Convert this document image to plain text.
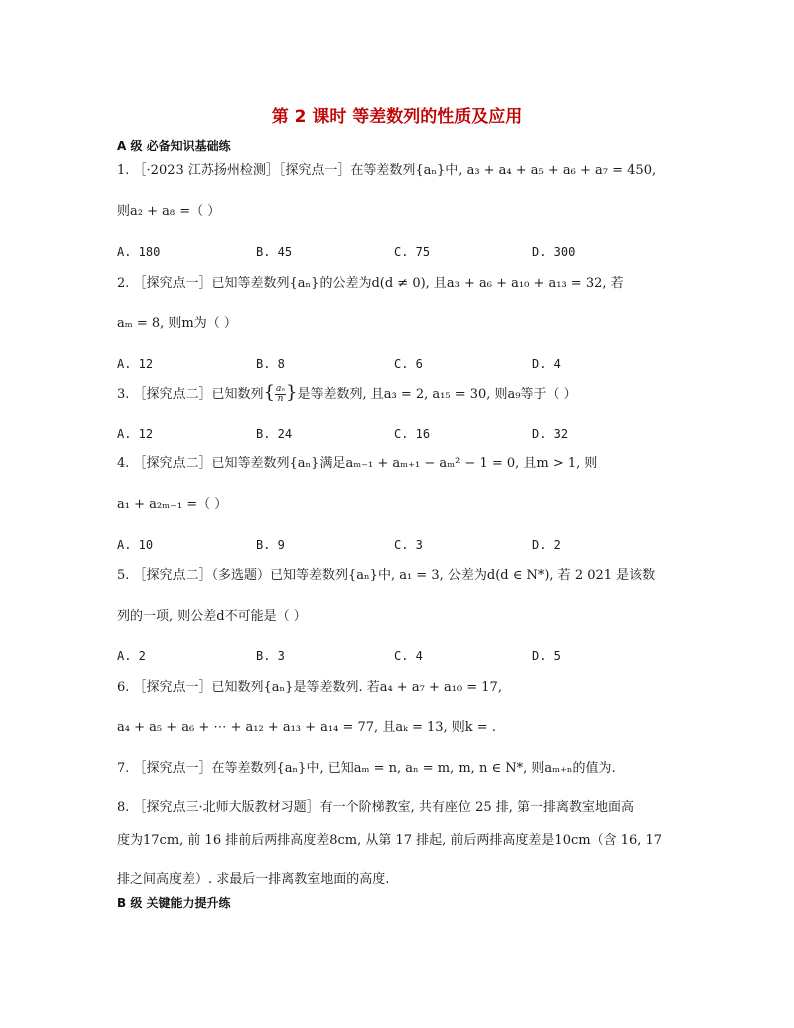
第 2 课时 等差数列的性质及应用
A 级 必备知识基础练
1. ［·2023 江苏扬州检测］［探究点一］在等差数列{aₙ}中, a₃ + a₄ + a₅ + a₆ + a₇ = 450,
则a₂ + a₈ =（ ）
A. 180	B. 45	C. 75	D. 300
2. ［探究点一］已知等差数列{aₙ}的公差为d(d ≠ 0), 且a₃ + a₆ + a₁₀ + a₁₃ = 32, 若
aₘ = 8, 则m为（ ）
A. 12	B. 8	C. 6	D. 4
3. ［探究点二］已知数列{ $\frac{\text{aₙ}}{n}$ }是等差数列, 且a₃ = 2, a₁₅ = 30, 则a₉等于（ ）
A. 12	B. 24	C. 16	D. 32
4. ［探究点二］已知等差数列{aₙ}满足aₘ₋₁ + aₘ₊₁ − aₘ² − 1 = 0, 且m > 1, 则
a₁ + a₂ₘ₋₁ =（ ）
A. 10	B. 9	C. 3	D. 2
5. ［探究点二］（多选题）已知等差数列{aₙ}中, a₁ = 3, 公差为d(d ∈ N*), 若 2 021 是该数
列的一项, 则公差d不可能是（ ）
A. 2	B. 3	C. 4	D. 5
6. ［探究点一］已知数列{aₙ}是等差数列. 若a₄ + a₇ + a₁₀ = 17,
a₄ + a₅ + a₆ + ⋯ + a₁₂ + a₁₃ + a₁₄ = 77, 且aₖ = 13, 则k = .
7. ［探究点一］在等差数列{aₙ}中, 已知aₘ = n, aₙ = m, m, n ∈ N*, 则aₘ₊ₙ的值为.
8. ［探究点三·北师大版教材习题］有一个阶梯教室, 共有座位 25 排, 第一排离教室地面高
度为17cm, 前 16 排前后两排高度差8cm, 从第 17 排起, 前后两排高度差是10cm（含 16, 17
排之间高度差）. 求最后一排离教室地面的高度.
B 级 关键能力提升练
